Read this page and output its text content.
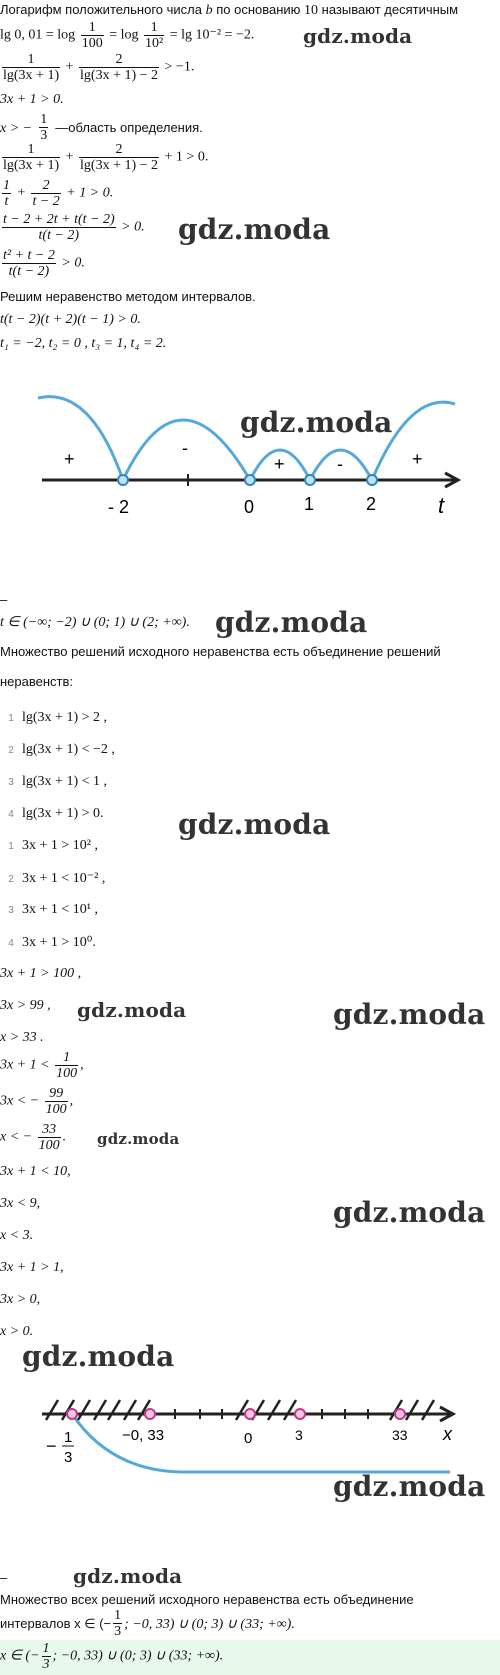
Логарифм положительного числа b по основанию 10 называют десятичным
lg 0, $01 = \log \frac{1}{100} = \log \frac{1}{\text{10²}} = \lg 10^{-2} = -2$.
$\frac{1}{\lg(3x + 1)} + \frac{2}{\lg(3x + 1) - 2} > -1$.
3x + 1 > 0.
x > − $\frac{1}{3}$ —область определения.
$\frac{1}{\lg(3x + 1)} + \frac{2}{\lg(3x + 1) - 2} + 1 > 0$.
$\frac{1}{t} + \frac{2}{t - 2} + 1 > 0$.
$\frac{t - 2 + 2t + t(t - 2)}{t(t - 2)} > 0$.
$\frac{\text{t² + t − 2}}{t(t - 2)} > 0$.
Решим неравенство методом интервалов.
t(t − 2)(t + 2)(t − 1) > 0.
t₁ = −2, t₂ = 0 , t₃ = 1, t₄ = 2.
+
-
+	-	+
- 2	0	1	2	t
–
t ∈ (−∞; −2) ∪ (0; 1) ∪ (2; +∞).
Множество решений исходного неравенства есть объединение решений
неравенств:
1 lg(3x + 1) > 2 ,
2 lg(3x + 1) < −2 ,
3 lg(3x + 1) < 1 ,
4 lg(3x + 1) > 0.
1 3x + 1 > 10² ,
2 3x + 1 < 10⁻² ,
3 3x + 1 < 10¹ ,
4 3x + 1 > 10⁰.
3x + 1 > 100 ,
3x > 99 ,
x > 33 .
$3x + 1 < \frac{1}{100}$ ,
3x < − $\frac{99}{100}$ ,
x < − $\frac{33}{100}$ .
3x + 1 < 10,
3x < 9,
x < 3.
3x + 1 > 1,
3x > 0,
x > 0.
− 1
3
−0, 33	0	3	33 x
–
Множество всех решений исходного неравенства есть объединение
интервалов x ∈ (− $\frac{1}{3}$ ; −0, 33) ∪ (0; 3) ∪ (33; +∞).
x ∈ (− $\frac{1}{3}$ ; −0, 33) ∪ (0; 3) ∪ (33; +∞).
gdz.moda
gdz.moda
gdz.moda
gdz.moda
gdz.moda
gdz.moda	gdz.moda
gdz.moda
gdz.moda
gdz.moda
gdz.moda
gdz.moda
